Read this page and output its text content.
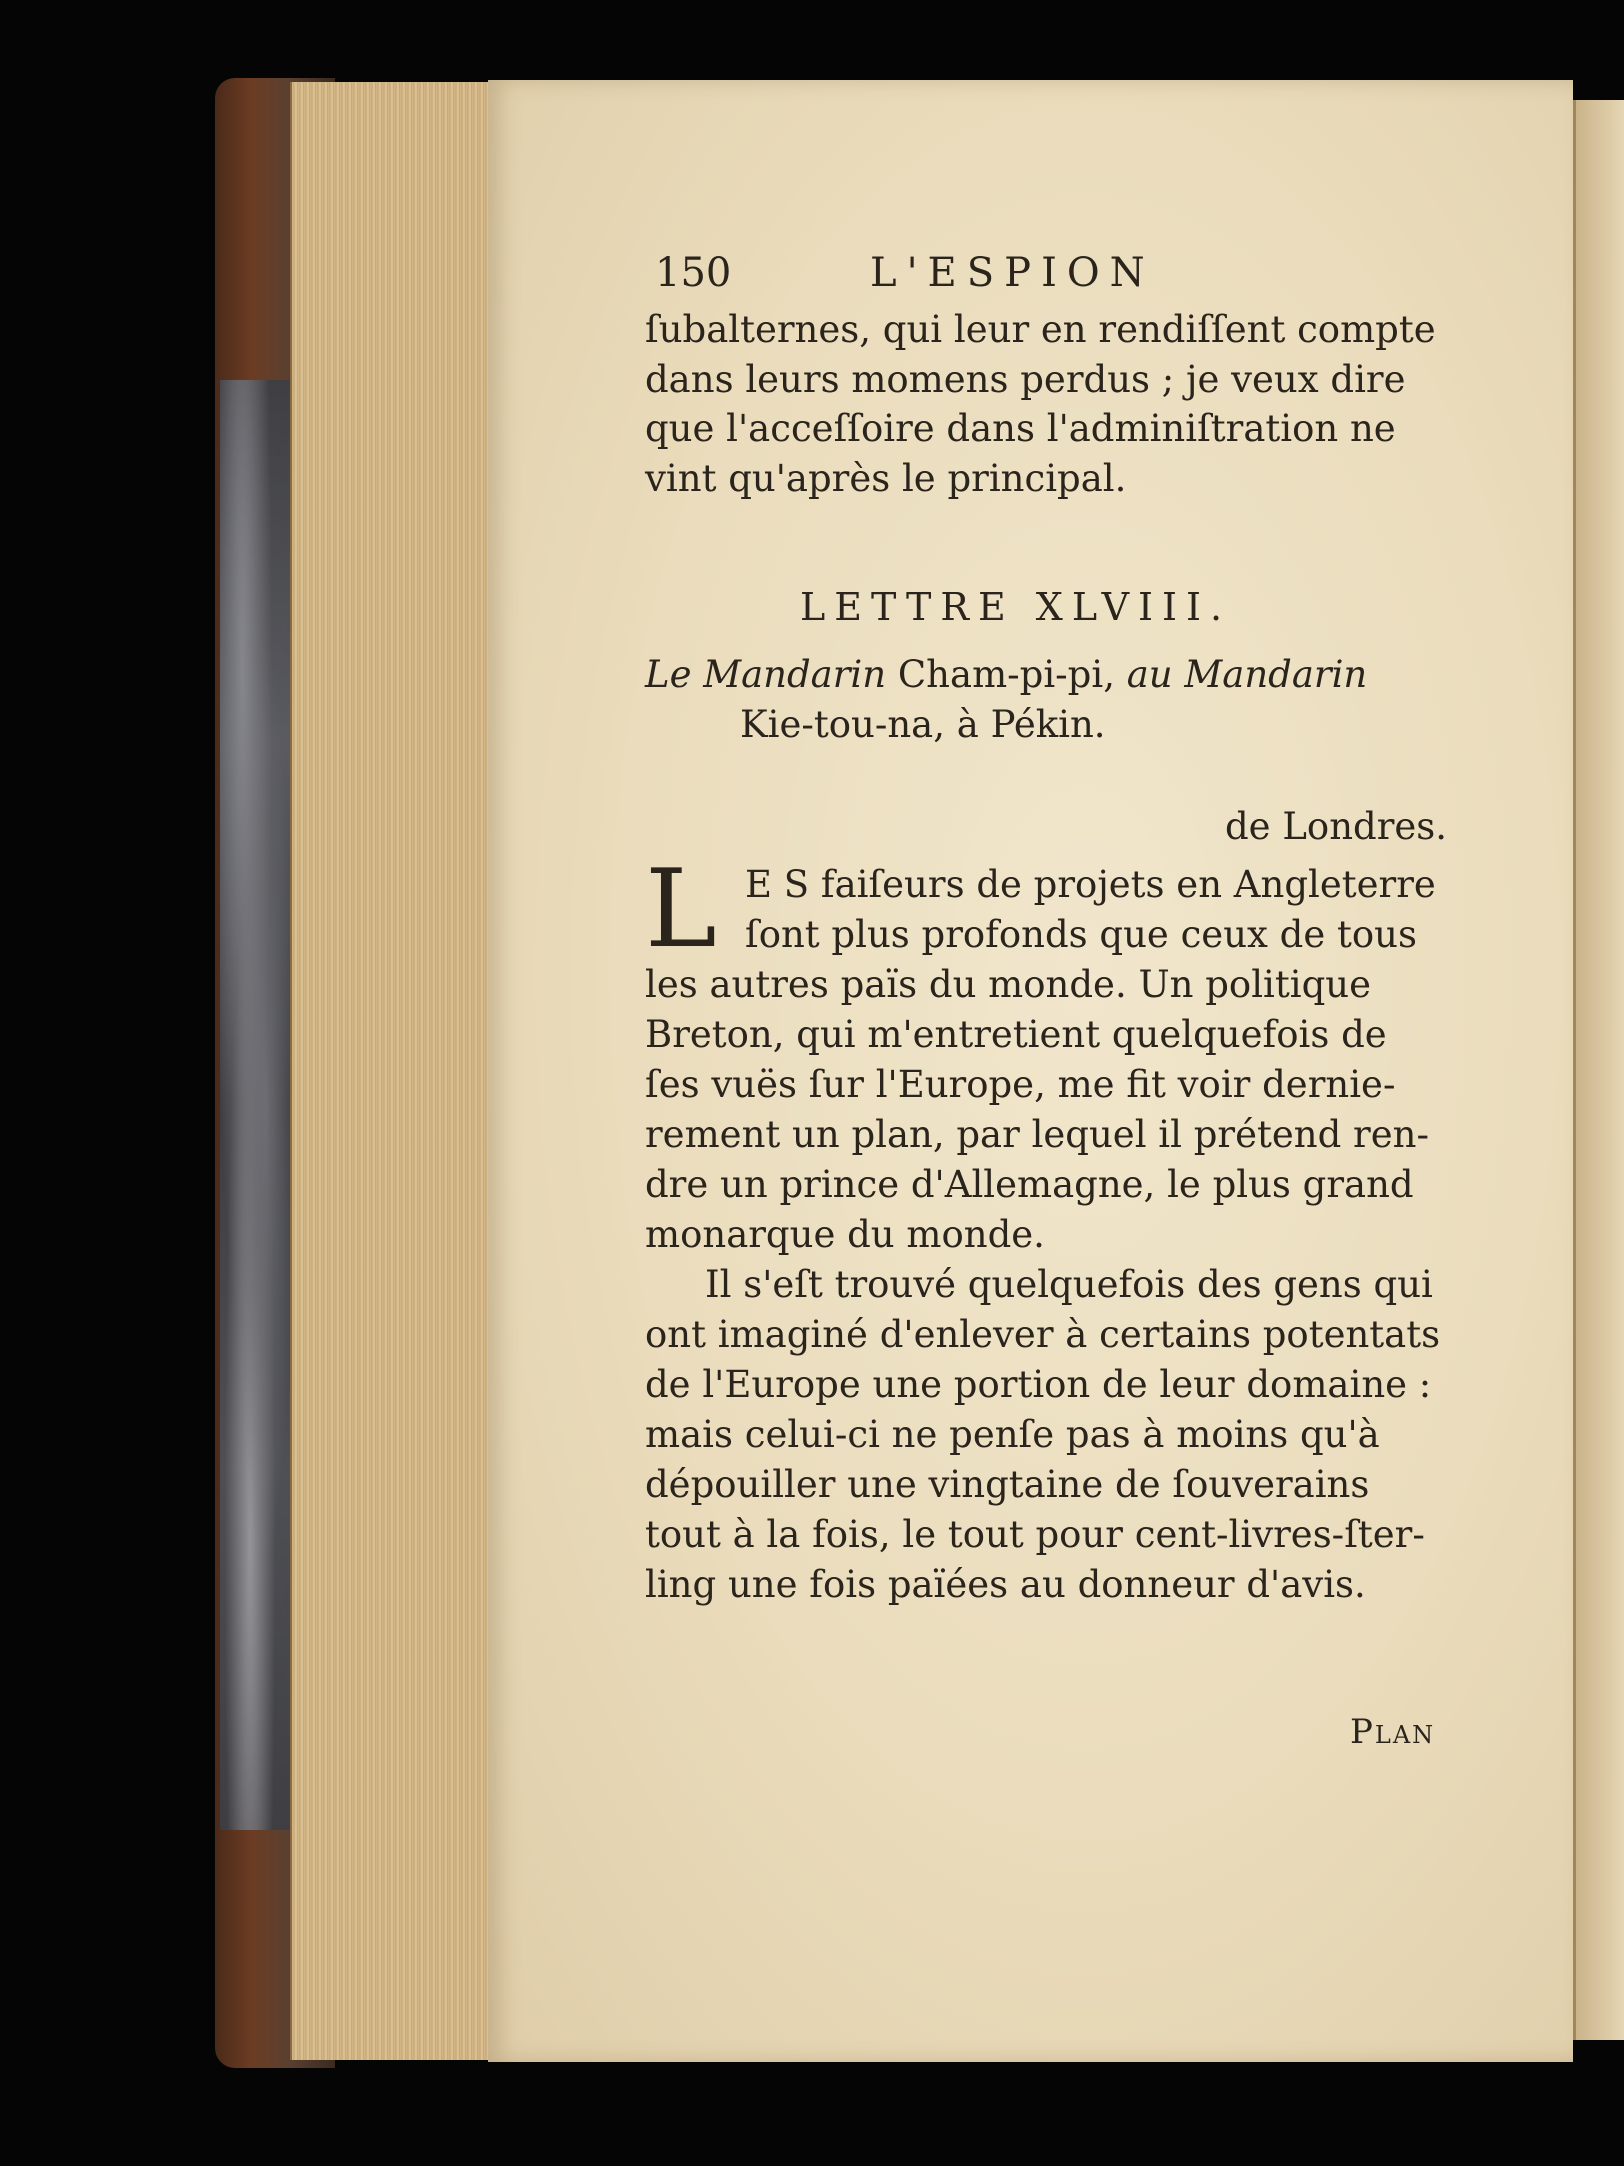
150	L'ESPION
ſubalternes, qui leur en rendiſſent compte
dans leurs momens perdus ; je veux dire
que l'acceſſoire dans l'adminiſtration ne
vint qu'après le principal.
LETTRE XLVIII.
Le Mandarin Cham-pi-pi, au Mandarin
Kie-tou-na, à Pékin.
de Londres.
L E S faiſeurs de projets en Angleterre
ſont plus profonds que ceux de tous
les autres païs du monde. Un politique
Breton, qui m'entretient quelquefois de
ſes vuës ſur l'Europe, me fit voir dernie-
rement un plan, par lequel il prétend ren-
dre un prince d'Allemagne, le plus grand
monarque du monde.
Il s'eſt trouvé quelquefois des gens qui
ont imaginé d'enlever à certains potentats
de l'Europe une portion de leur domaine :
mais celui-ci ne penſe pas à moins qu'à
dépouiller une vingtaine de ſouverains
tout à la fois, le tout pour cent-livres-ſter-
ling une fois païées au donneur d'avis.
Plan
